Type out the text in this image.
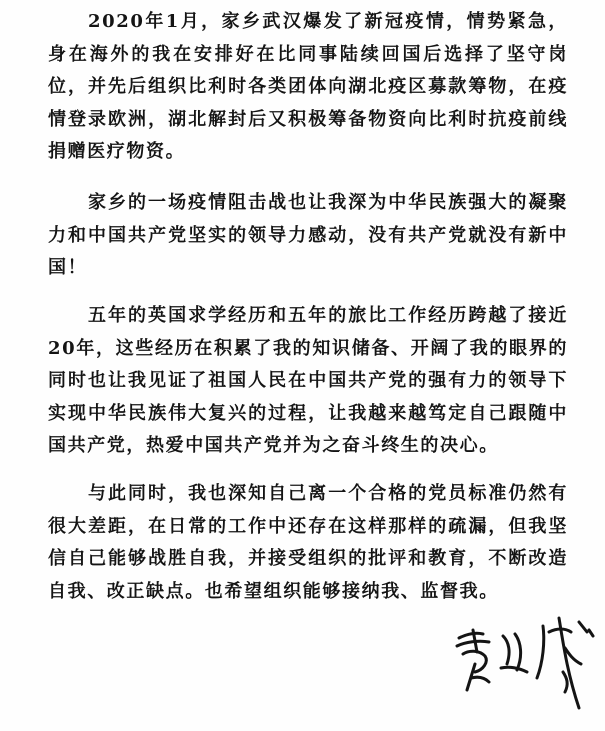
2020年1月，家乡武汉爆发了新冠疫情，情势紧急，身在海外的我在安排好在比同事陆续回国后选择了坚守岗位，并先后组织比利时各类团体向湖北疫区募款筹物，在疫情登录欧洲，湖北解封后又积极筹备物资向比利时抗疫前线捐赠医疗物资。

家乡的一场疫情阻击战也让我深为中华民族强大的凝聚力和中国共产党坚实的领导力感动，没有共产党就没有新中国！

五年的英国求学经历和五年的旅比工作经历跨越了接近20年，这些经历在积累了我的知识储备、开阔了我的眼界的同时也让我见证了祖国人民在中国共产党的强有力的领导下实现中华民族伟大复兴的过程，让我越来越笃定自己跟随中国共产党，热爱中国共产党并为之奋斗终生的决心。

与此同时，我也深知自己离一个合格的党员标准仍然有很大差距，在日常的工作中还存在这样那样的疏漏，但我坚信自己能够战胜自我，并接受组织的批评和教育，不断改造自我、改正缺点。也希望组织能够接纳我、监督我。
